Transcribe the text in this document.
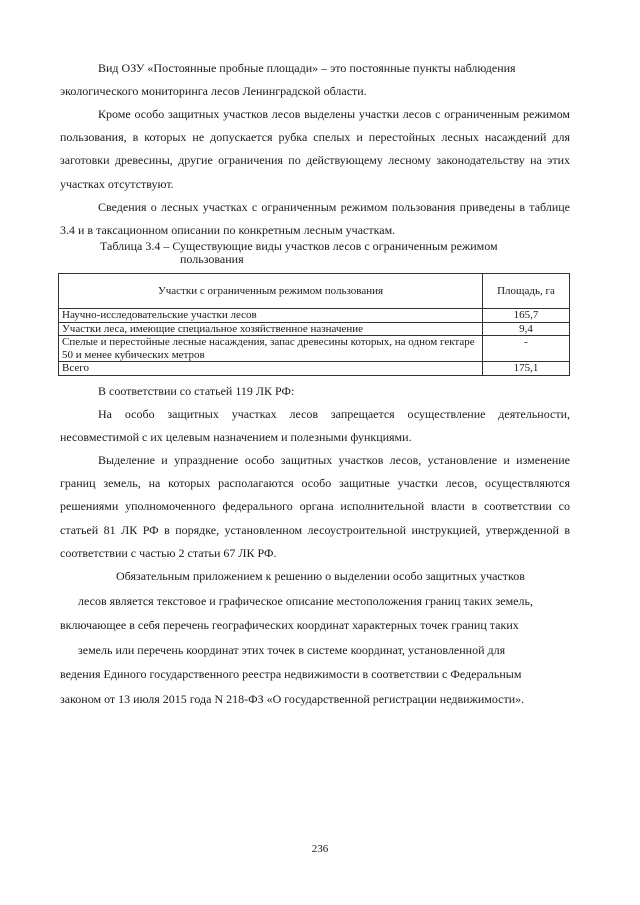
Вид ОЗУ «Постоянные пробные площади» – это постоянные пункты наблюдения
экологического мониторинга лесов Ленинградской области.
Кроме особо защитных участков лесов выделены участки лесов с ограниченным режимом пользования, в которых не допускается рубка спелых и перестойных лесных насаждений для заготовки древесины, другие ограничения по действующему лесному законодательству на этих участках отсутствуют.
Сведения о лесных участках с ограниченным режимом пользования приведены в таблице 3.4 и в таксационном описании по конкретным лесным участкам.
Таблица 3.4 – Существующие виды участков лесов с ограниченным режимом
пользования
Участки с ограниченным режимом пользования	Площадь, га
Научно-исследовательские участки лесов	165,7
Участки леса, имеющие специальное хозяйственное назначение	9,4
Спелые и перестойные лесные насаждения, запас древесины которых, на одном гектаре 50 и менее кубических метров	-
Всего	175,1
В соответствии со статьей 119 ЛК РФ:
На особо защитных участках лесов запрещается осуществление деятельности, несовместимой с их целевым назначением и полезными функциями.
Выделение и упразднение особо защитных участков лесов, установление и изменение границ земель, на которых располагаются особо защитные участки лесов, осуществляются решениями уполномоченного федерального органа исполнительной власти в соответствии со статьей 81 ЛК РФ в порядке, установленном лесоустроительной инструкцией, утвержденной в соответствии с частью 2 статьи 67 ЛК РФ.
Обязательным приложением к решению о выделении особо защитных участков
лесов является текстовое и графическое описание местоположения границ таких земель,
включающее в себя перечень географических координат характерных точек границ таких
земель или перечень координат этих точек в системе координат, установленной для
ведения Единого государственного реестра недвижимости в соответствии с Федеральным
законом от 13 июля 2015 года N 218-ФЗ «О государственной регистрации недвижимости».
236
